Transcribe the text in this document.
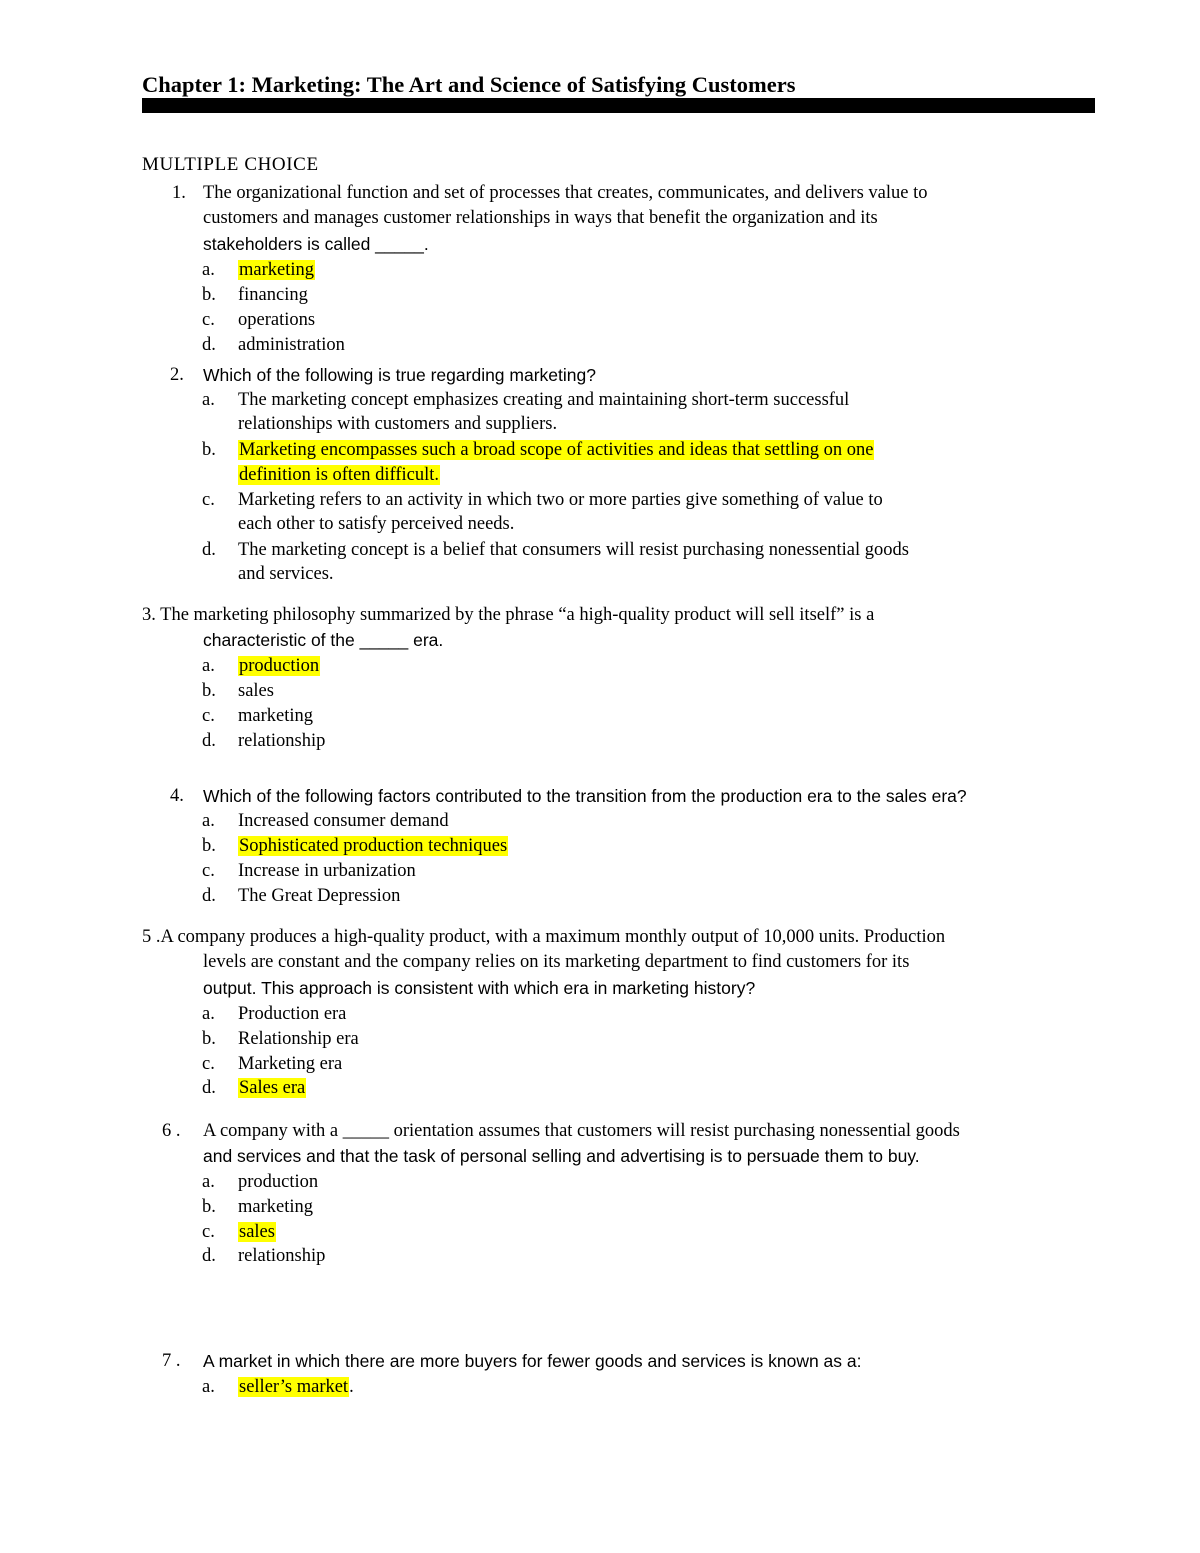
Chapter 1: Marketing: The Art and Science of Satisfying Customers
MULTIPLE CHOICE
1. The organizational function and set of processes that creates, communicates, and delivers value to
customers and manages customer relationships in ways that benefit the organization and its
stakeholders is called _____.
a. marketing
b. financing
c. operations
d. administration
2. Which of the following is true regarding marketing?
a. The marketing concept emphasizes creating and maintaining short-term successful
relationships with customers and suppliers.
b. Marketing encompasses such a broad scope of activities and ideas that settling on one
definition is often difficult.
c. Marketing refers to an activity in which two or more parties give something of value to
each other to satisfy perceived needs.
d. The marketing concept is a belief that consumers will resist purchasing nonessential goods
and services.
3. The marketing philosophy summarized by the phrase “a high-quality product will sell itself” is a
characteristic of the _____ era.
a. production
b. sales
c. marketing
d. relationship
4. Which of the following factors contributed to the transition from the production era to the sales era?
a. Increased consumer demand
b. Sophisticated production techniques
c. Increase in urbanization
d. The Great Depression
5 .A company produces a high-quality product, with a maximum monthly output of 10,000 units. Production
levels are constant and the company relies on its marketing department to find customers for its
output. This approach is consistent with which era in marketing history?
a. Production era
b. Relationship era
c. Marketing era
d. Sales era
6 . A company with a _____ orientation assumes that customers will resist purchasing nonessential goods
and services and that the task of personal selling and advertising is to persuade them to buy.
a. production
b. marketing
c. sales
d. relationship
7 . A market in which there are more buyers for fewer goods and services is known as a:
a. seller’s market.
